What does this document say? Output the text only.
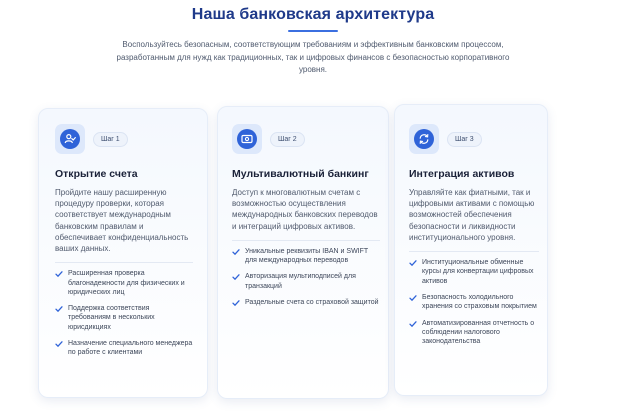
Наша банковская архитектура

Воспользуйтесь безопасным, соответствующим требованиям и эффективным банковским процессом, разработанным для нужд как традиционных, так и цифровых финансов с безопасностью корпоративного уровня.

Шаг 1
Открытие счета

Пройдите нашу расширенную процедуру проверки, которая соответствует международным банковским правилам и обеспечивает конфиденциальность ваших данных.

Расширенная проверка благонадежности для физических и юридических лиц
Поддержка соответствия требованиям в нескольких юрисдикциях
Назначение специального менеджера по работе с клиентами
Шаг 2
Мультивалютный банкинг

Доступ к многовалютным счетам с возможностью осуществления международных банковских переводов и интеграций цифровых активов.

Уникальные реквизиты IBAN и SWIFT для международных переводов
Авторизация мультиподписей для транзакций
Раздельные счета со страховой защитой
Шаг 3
Интеграция активов

Управляйте как фиатными, так и цифровыми активами с помощью возможностей обеспечения безопасности и ликвидности институционального уровня.

Институциональные обменные курсы для конвертации цифровых активов
Безопасность холодильного хранения со страховым покрытием
Автоматизированная отчетность о соблюдении налогового законодательства
